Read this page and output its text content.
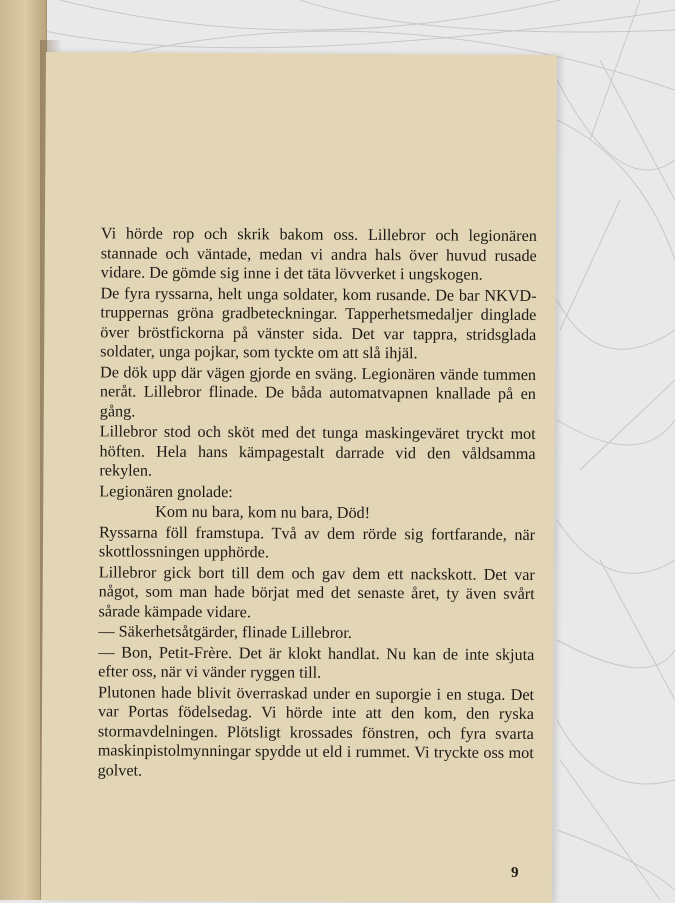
Vi hörde rop och skrik bakom oss. Lillebror och legionären stannade och väntade, medan vi andra hals över huvud rusade vidare. De gömde sig inne i det täta lövverket i ungskogen.

De fyra ryssarna, helt unga soldater, kom rusande. De bar NKVD-truppernas gröna gradbeteckningar. Tapperhetsmedaljer dinglade över bröstfickorna på vänster sida. Det var tappra, stridsglada soldater, unga pojkar, som tyckte om att slå ihjäl.

De dök upp där vägen gjorde en sväng. Legionären vände tummen neråt. Lillebror flinade. De båda automatvapnen knallade på en gång.

Lillebror stod och sköt med det tunga maskingeväret tryckt mot höften. Hela hans kämpagestalt darrade vid den våldsamma rekylen.

Legionären gnolade:

Kom nu bara, kom nu bara, Död!

Ryssarna föll framstupa. Två av dem rörde sig fortfarande, när skottlossningen upphörde.

Lillebror gick bort till dem och gav dem ett nackskott. Det var något, som man hade börjat med det senaste året, ty även svårt sårade kämpade vidare.

— Säkerhetsåtgärder, flinade Lillebror.

— Bon, Petit-Frère. Det är klokt handlat. Nu kan de inte skjuta efter oss, när vi vänder ryggen till.

Plutonen hade blivit överraskad under en suporgie i en stuga. Det var Portas födelsedag. Vi hörde inte att den kom, den ryska stormavdelningen. Plötsligt krossades fönstren, och fyra svarta maskinpistolmynningar spydde ut eld i rummet. Vi tryckte oss mot golvet.

9
